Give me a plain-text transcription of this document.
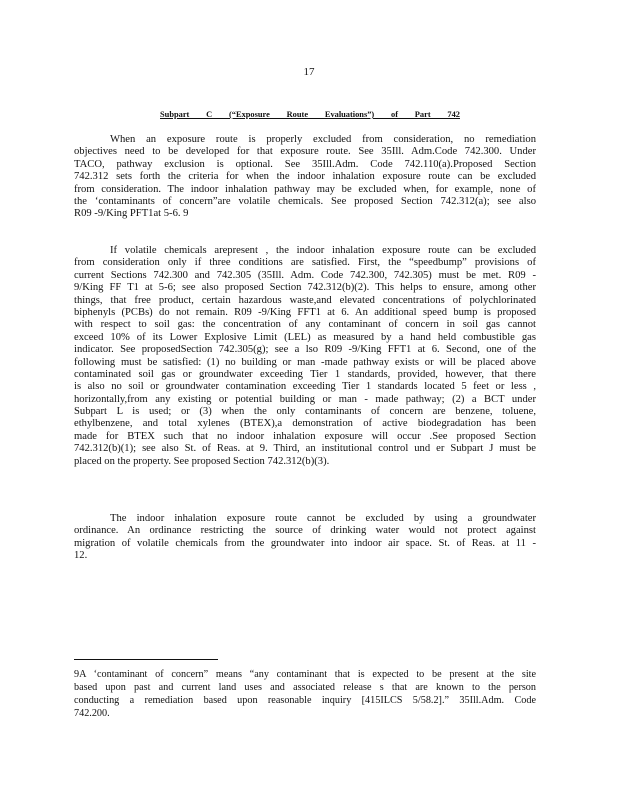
17
Subpart C (“Exposure Route Evaluations”) of Part 742
When an exposure route is properly excluded from consideration, no remediation
objectives need to be developed for that exposure route. See 35Ill. Adm.Code 742.300. Under
TACO, pathway exclusion is optional. See 35Ill.Adm. Code 742.110(a).Proposed Section
742.312 sets forth the criteria for when the indoor inhalation exposure route can be excluded
from consideration. The indoor inhalation pathway may be excluded when, for example, none of
the ‘contaminants of concern”are volatile chemicals. See proposed Section 742.312(a); see also
R09 -9/King PFT1at 5-6. 9
If volatile chemicals arepresent , the indoor inhalation exposure route can be excluded
from consideration only if three conditions are satisfied. First, the “speedbump” provisions of
current Sections 742.300 and 742.305 (35Ill. Adm. Code 742.300, 742.305) must be met. R09 -
9/King FF T1 at 5-6; see also proposed Section 742.312(b)(2). This helps to ensure, among other
things, that free product, certain hazardous waste,and elevated concentrations of polychlorinated
biphenyls (PCBs) do not remain. R09 -9/King FFT1 at 6. An additional speed bump is proposed
with respect to soil gas: the concentration of any contaminant of concern in soil gas cannot
exceed 10% of its Lower Explosive Limit (LEL) as measured by a hand held combustible gas
indicator. See proposedSection 742.305(g); see a lso R09 -9/King FFT1 at 6. Second, one of the
following must be satisfied: (1) no building or man -made pathway exists or will be placed above
contaminated soil gas or groundwater exceeding Tier 1 standards, provided, however, that there
is also no soil or groundwater contamination exceeding Tier 1 standards located 5 feet or less ,
horizontally,from any existing or potential building or man - made pathway; (2) a BCT under
Subpart L is used; or (3) when the only contaminants of concern are benzene, toluene,
ethylbenzene, and total xylenes (BTEX),a demonstration of active biodegradation has been
made for BTEX such that no indoor inhalation exposure will occur .See proposed Section
742.312(b)(1); see also St. of Reas. at 9. Third, an institutional control und er Subpart J must be
placed on the property. See proposed Section 742.312(b)(3).
The indoor inhalation exposure route cannot be excluded by using a groundwater
ordinance. An ordinance restricting the source of drinking water would not protect against
migration of volatile chemicals from the groundwater into indoor air space. St. of Reas. at 11 -
12.
9A ‘contaminant of concern” means “any contaminant that is expected to be present at the site
based upon past and current land uses and associated release s that are known to the person
conducting a remediation based upon reasonable inquiry [415ILCS 5/58.2].” 35Ill.Adm. Code
742.200.
